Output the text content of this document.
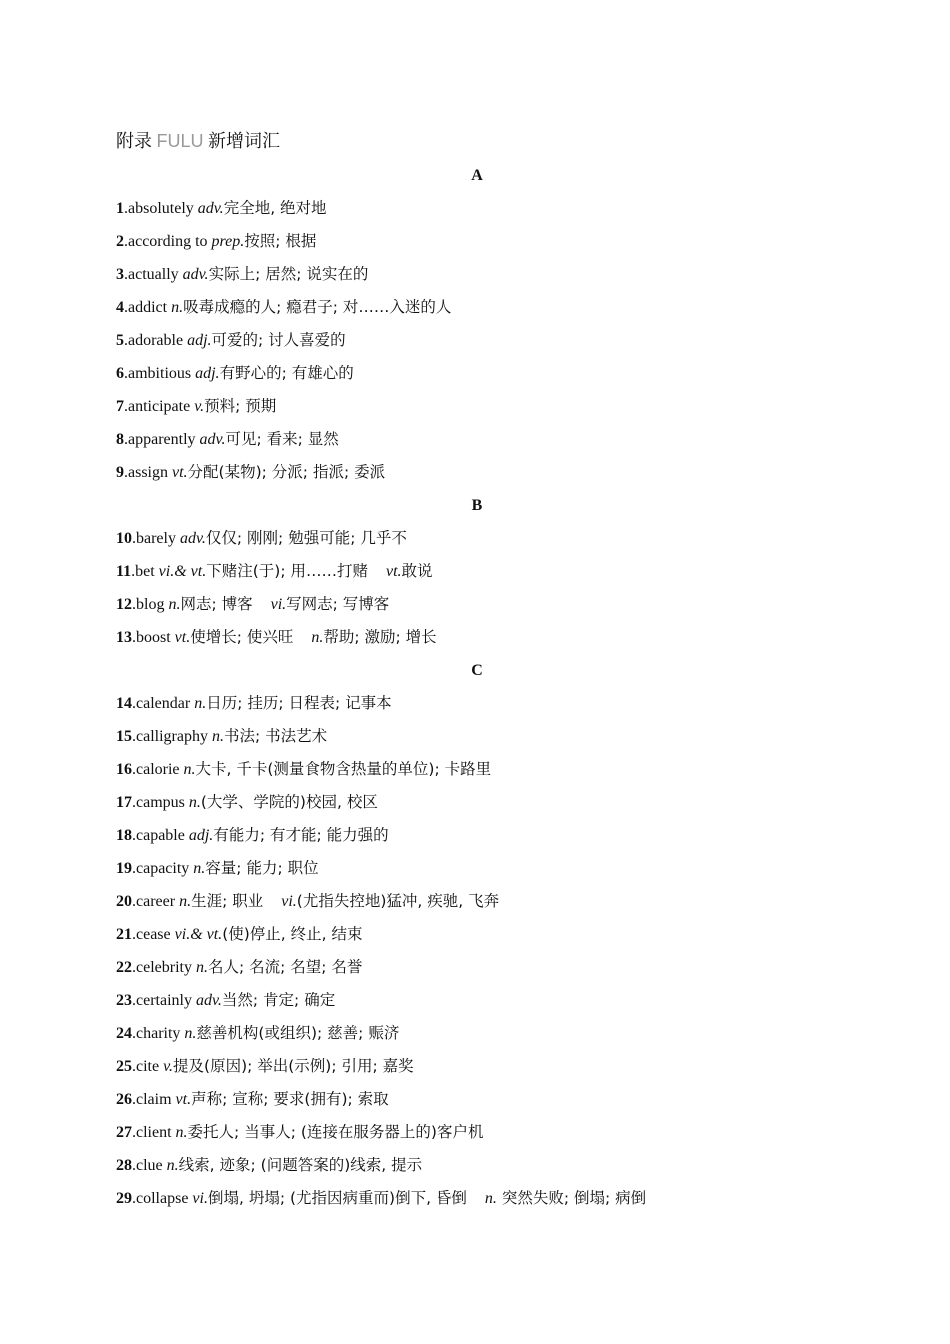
附录 FULU 新增词汇
A
1.absolutely adv.完全地, 绝对地
2.according to prep.按照; 根据
3.actually adv.实际上; 居然; 说实在的
4.addict n.吸毒成瘾的人; 瘾君子; 对……入迷的人
5.adorable adj.可爱的; 讨人喜爱的
6.ambitious adj.有野心的; 有雄心的
7.anticipate v.预料; 预期
8.apparently adv.可见; 看来; 显然
9.assign vt.分配(某物); 分派; 指派; 委派
B
10.barely adv.仅仅; 刚刚; 勉强可能; 几乎不
11.bet vi.& vt.下赌注(于); 用……打赌 vt.敢说
12.blog n.网志; 博客 vi.写网志; 写博客
13.boost vt.使增长; 使兴旺 n.帮助; 激励; 增长
C
14.calendar n.日历; 挂历; 日程表; 记事本
15.calligraphy n.书法; 书法艺术
16.calorie n.大卡, 千卡(测量食物含热量的单位); 卡路里
17.campus n.(大学、学院的)校园, 校区
18.capable adj.有能力; 有才能; 能力强的
19.capacity n.容量; 能力; 职位
20.career n.生涯; 职业 vi.(尤指失控地)猛冲, 疾驰, 飞奔
21.cease vi.& vt.(使)停止, 终止, 结束
22.celebrity n.名人; 名流; 名望; 名誉
23.certainly adv.当然; 肯定; 确定
24.charity n.慈善机构(或组织); 慈善; 赈济
25.cite v.提及(原因); 举出(示例); 引用; 嘉奖
26.claim vt.声称; 宣称; 要求(拥有); 索取
27.client n.委托人; 当事人; (连接在服务器上的)客户机
28.clue n.线索, 迹象; (问题答案的)线索, 提示
29.collapse vi.倒塌, 坍塌; (尤指因病重而)倒下, 昏倒 n. 突然失败; 倒塌; 病倒
